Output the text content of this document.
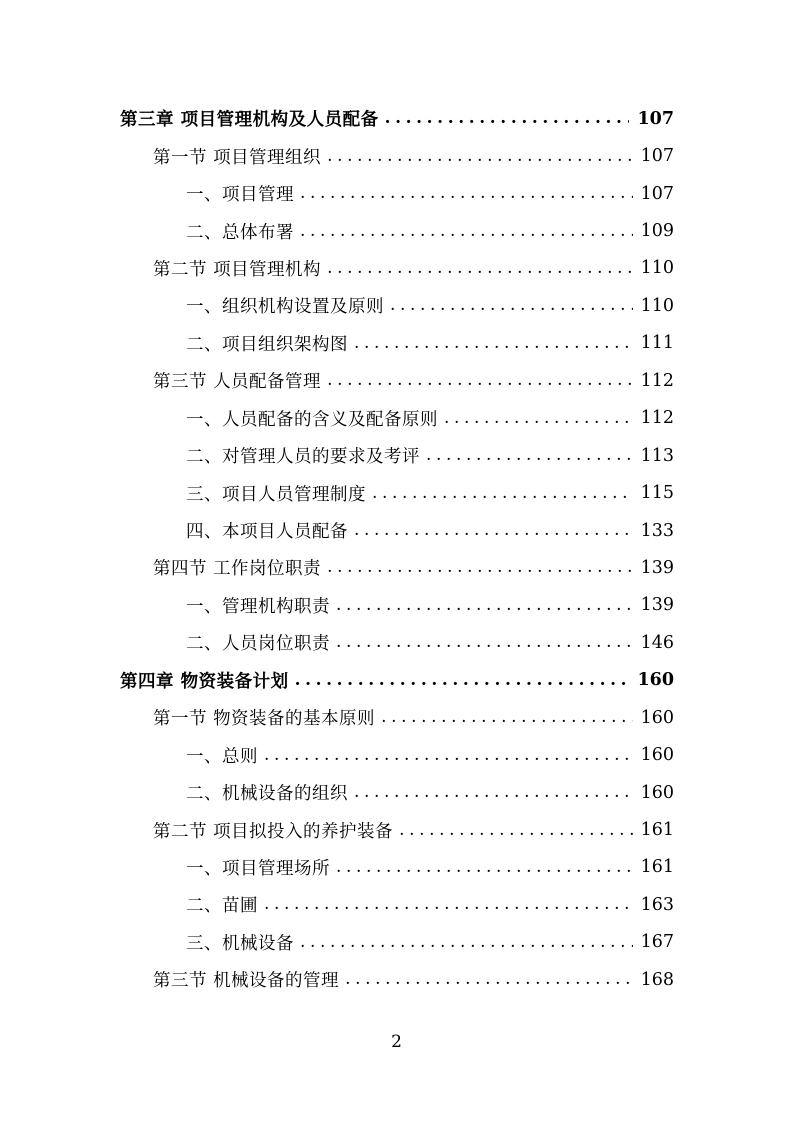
第三章 项目管理机构及人员配备 .....	107
第一节 项目管理组织 .....	107
一、项目管理 .....	107
二、总体布署 .....	109
第二节 项目管理机构 .....	110
一、组织机构设置及原则 .....	110
二、项目组织架构图 .....	111
第三节 人员配备管理 .....	112
一、人员配备的含义及配备原则 .....	112
二、对管理人员的要求及考评 .....	113
三、项目人员管理制度 .....	115
四、本项目人员配备 .....	133
第四节 工作岗位职责 .....	139
一、管理机构职责 .....	139
二、人员岗位职责 .....	146
第四章 物资装备计划 .....	160
第一节 物资装备的基本原则 .....	160
一、总则 .....	160
二、机械设备的组织 .....	160
第二节 项目拟投入的养护装备 .....	161
一、项目管理场所 .....	161
二、苗圃 .....	163
三、机械设备 .....	167
第三节 机械设备的管理 .....	168
2
